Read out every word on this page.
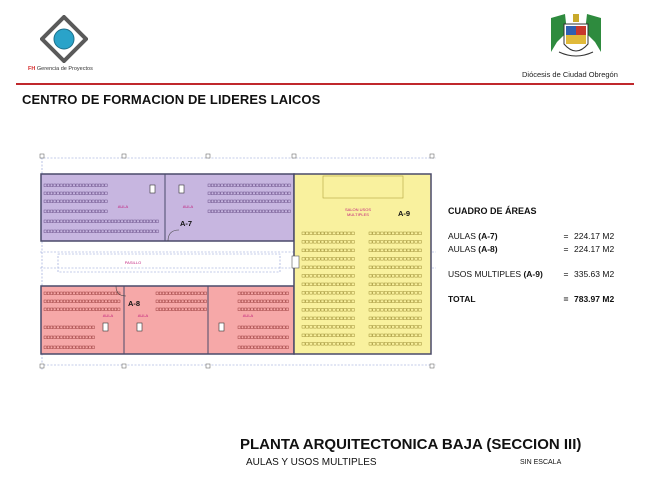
FH Gerencia de Proyectos
Diócesis de Ciudad Obregón
CENTRO DE FORMACION DE LIDERES LAICOS
AULA	AULA
AULA	AULA	AULA
PASILLO
SALON USOS
MULTIPLES
A-7
A-8
A-9	CUADRO DE ÁREAS
AULAS (A-7)	= 224.17 M2
AULAS (A-8)	= 224.17 M2
USOS MULTIPLES (A-9)	= 335.63 M2
TOTAL	= 783.97 M2
PLANTA ARQUITECTONICA BAJA (SECCION III)
AULAS Y USOS MULTIPLES	SIN ESCALA
